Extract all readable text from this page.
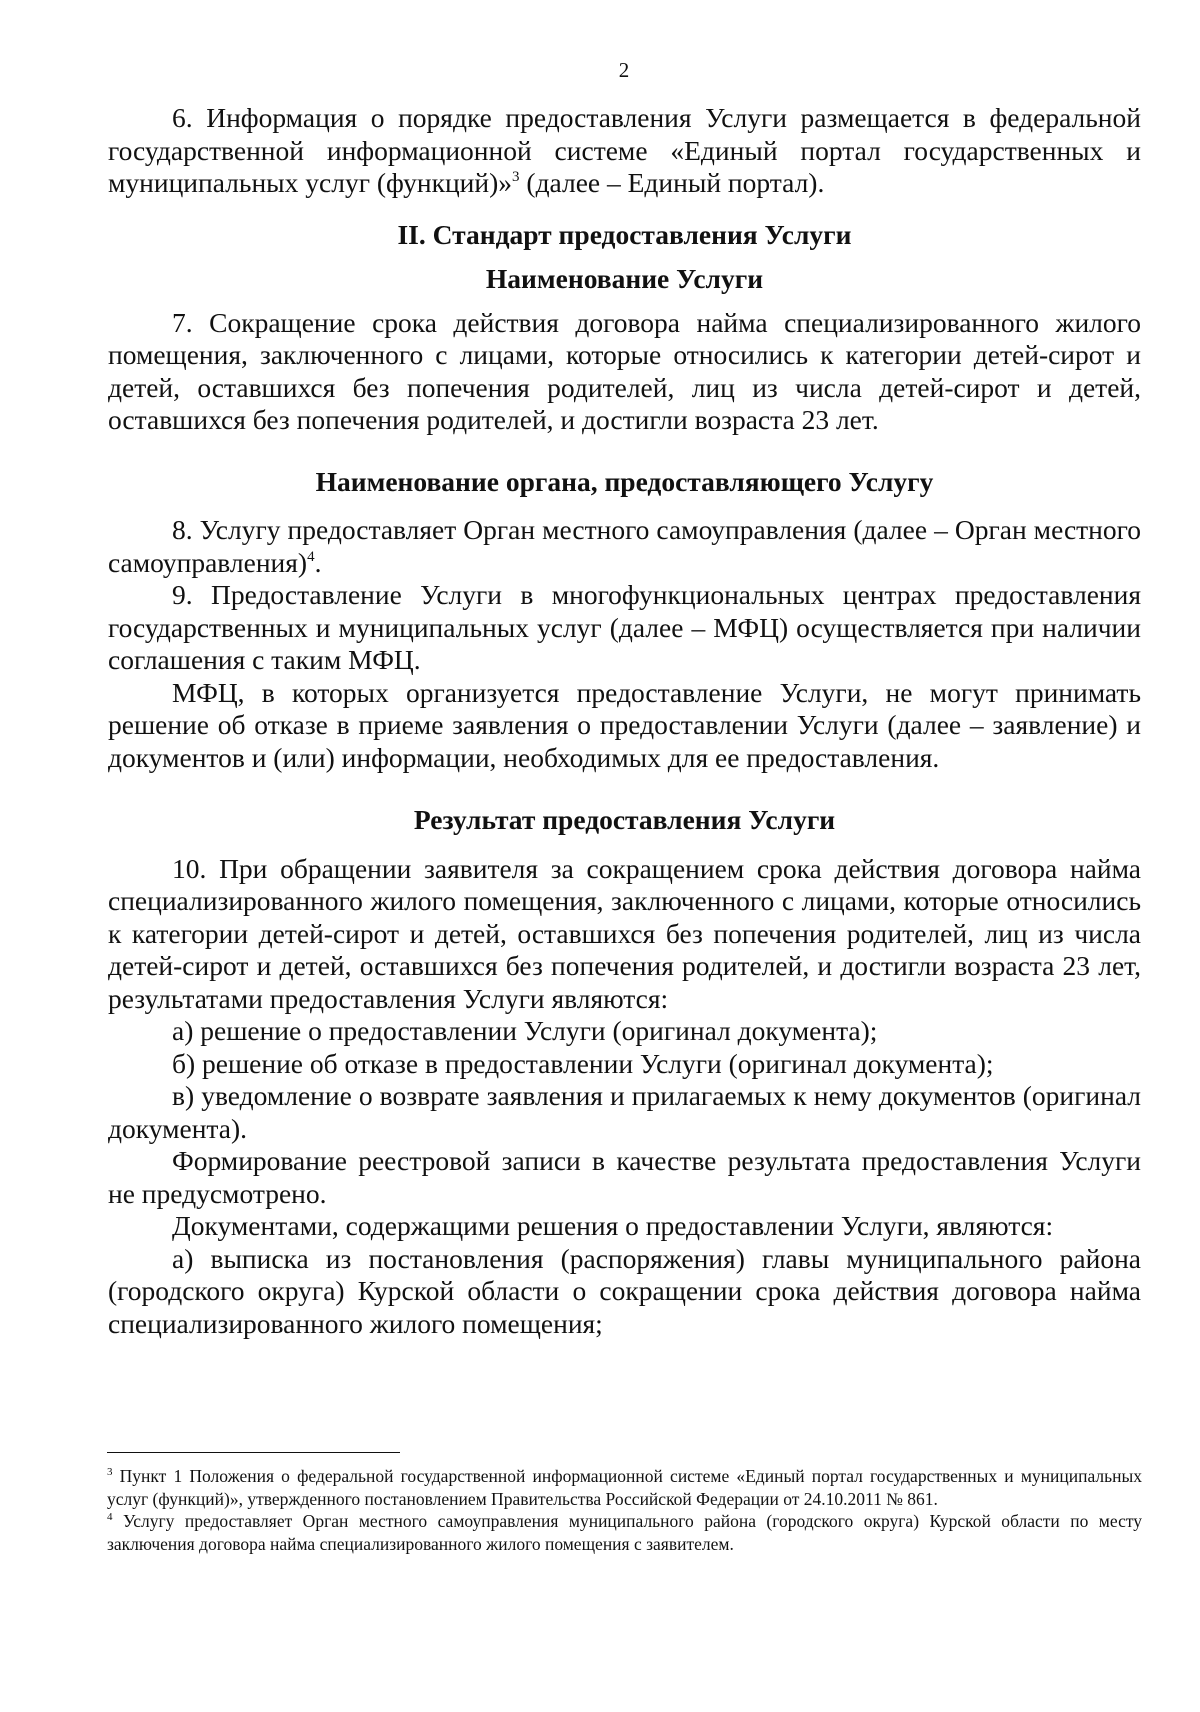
2

6. Информация о порядке предоставления Услуги размещается в федеральной государственной информационной системе «Единый портал государственных и муниципальных услуг (функций)»$^3$ (далее – Единый портал).

II. Стандарт предоставления Услуги
Наименование Услуги

7. Сокращение срока действия договора найма специализированного жилого помещения, заключенного с лицами, которые относились к категории детей-сирот и детей, оставшихся без попечения родителей, лиц из числа детей-сирот и детей, оставшихся без попечения родителей, и достигли возраста 23 лет.

Наименование органа, предоставляющего Услугу

8. Услугу предоставляет Орган местного самоуправления (далее – Орган местного самоуправления)$^4$.

9. Предоставление Услуги в многофункциональных центрах предоставления государственных и муниципальных услуг (далее – МФЦ) осуществляется при наличии соглашения с таким МФЦ.

МФЦ, в которых организуется предоставление Услуги, не могут принимать решение об отказе в приеме заявления о предоставлении Услуги (далее – заявление) и документов и (или) информации, необходимых для ее предоставления.

Результат предоставления Услуги

10. При обращении заявителя за сокращением срока действия договора найма специализированного жилого помещения, заключенного с лицами, которые относились к категории детей-сирот и детей, оставшихся без попечения родителей, лиц из числа детей-сирот и детей, оставшихся без попечения родителей, и достигли возраста 23 лет, результатами предоставления Услуги являются:

а) решение о предоставлении Услуги (оригинал документа);

б) решение об отказе в предоставлении Услуги (оригинал документа);

в) уведомление о возврате заявления и прилагаемых к нему документов (оригинал документа).

Формирование реестровой записи в качестве результата предоставления Услуги не предусмотрено.

Документами, содержащими решения о предоставлении Услуги, являются:

а) выписка из постановления (распоряжения) главы муниципального района (городского округа) Курской области о сокращении срока действия договора найма специализированного жилого помещения;

$^3$ Пункт 1 Положения о федеральной государственной информационной системе «Единый портал государственных и муниципальных услуг (функций)», утвержденного постановлением Правительства Российской Федерации от 24.10.2011 № 861.

$^4$ Услугу предоставляет Орган местного самоуправления муниципального района (городского округа) Курской области по месту заключения договора найма специализированного жилого помещения с заявителем.
